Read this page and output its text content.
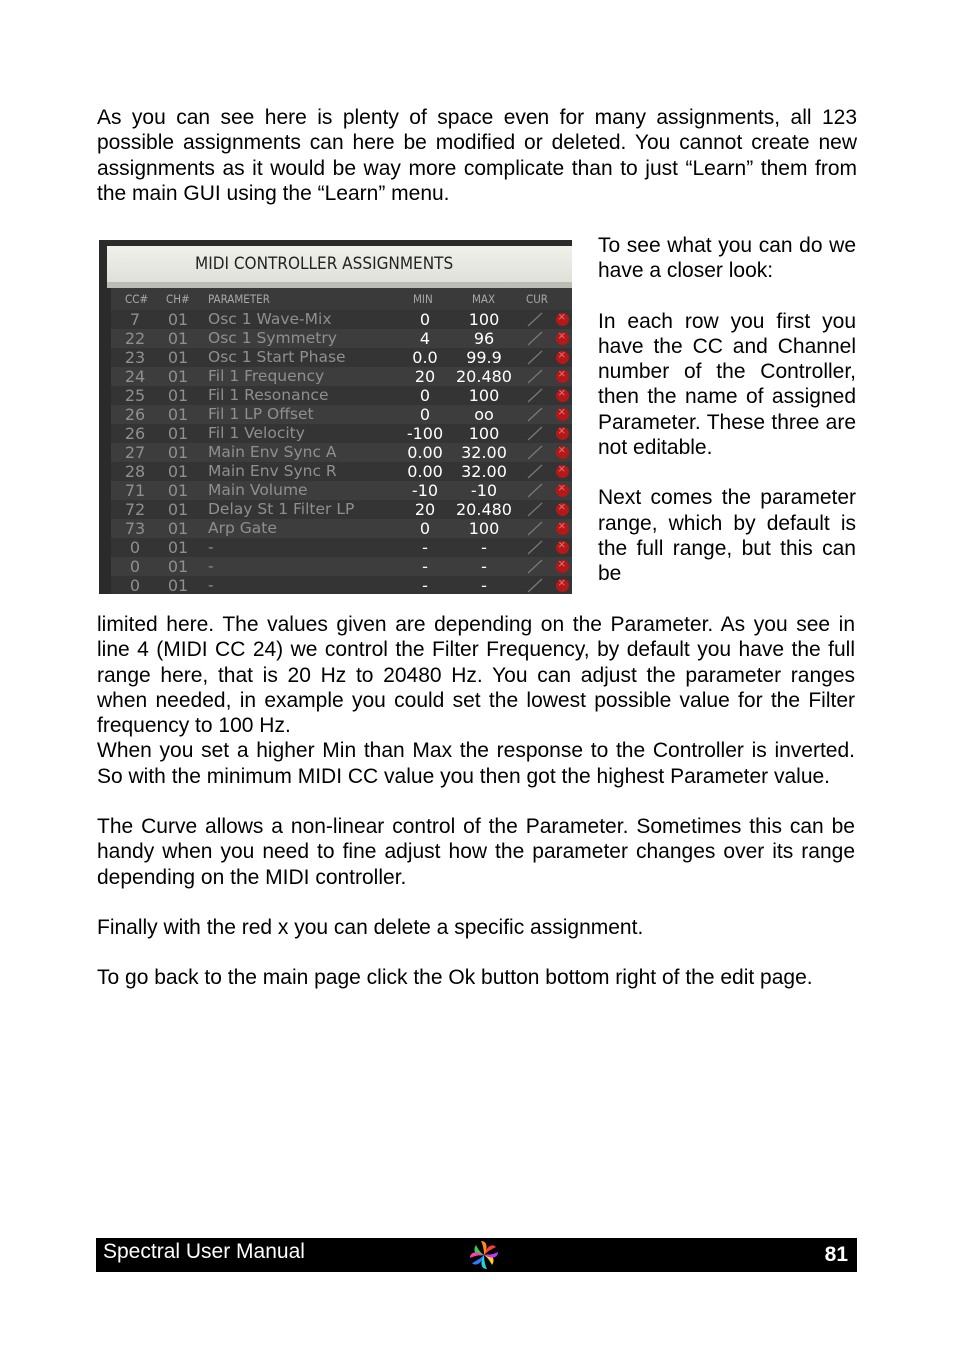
As you can see here is plenty of space even for many assignments, all 123 possible assignments can here be modified or deleted. You cannot create new assignments as it would be way more complicate than to just “Learn” them from the main GUI using the “Learn” menu.
MIDI CONTROLLER ASSIGNMENTS
CC# CH# PARAMETER	MIN	MAX	CUR
7	01 Osc 1 Wave-Mix	0	100
×
22 01 Osc 1 Symmetry	4	96
×
23 01 Osc 1 Start Phase	0.0	99.9
×
24 01 Fil 1 Frequency	20	20.480
×
25 01 Fil 1 Resonance	0	100
×
26 01 Fil 1 LP Offset	0	oo
×
26 01 Fil 1 Velocity	-100	100
×
27 01 Main Env Sync A	0.00	32.00
×
28 01 Main Env Sync R	0.00	32.00
×
71 01 Main Volume	-10	-10
×
72 01 Delay St 1 Filter LP	20	20.480
×
73 01 Arp Gate	0	100
×
0	01 -	-	-
×
0	01 -	-	-
×
0	01 -	-	-
×

To see what you can do we have a closer look:

In each row you first you have the CC and Channel number of the Controller, then the name of assigned Parameter. These three are not editable.

Next comes the parameter range, which by default is the full range, but this can be

limited here. The values given are depending on the Parameter. As you see in line 4 (MIDI CC 24) we control the Filter Frequency, by default you have the full range here, that is 20 Hz to 20480 Hz. You can adjust the parameter ranges when needed, in example you could set the lowest possible value for the Filter frequency to 100 Hz.

When you set a higher Min than Max the response to the Controller is inverted. So with the minimum MIDI CC value you then got the highest Parameter value.

The Curve allows a non-linear control of the Parameter. Sometimes this can be handy when you need to fine adjust how the parameter changes over its range depending on the MIDI controller.

Finally with the red x you can delete a specific assignment.

To go back to the main page click the Ok button bottom right of the edit page.

Spectral User Manual	81
